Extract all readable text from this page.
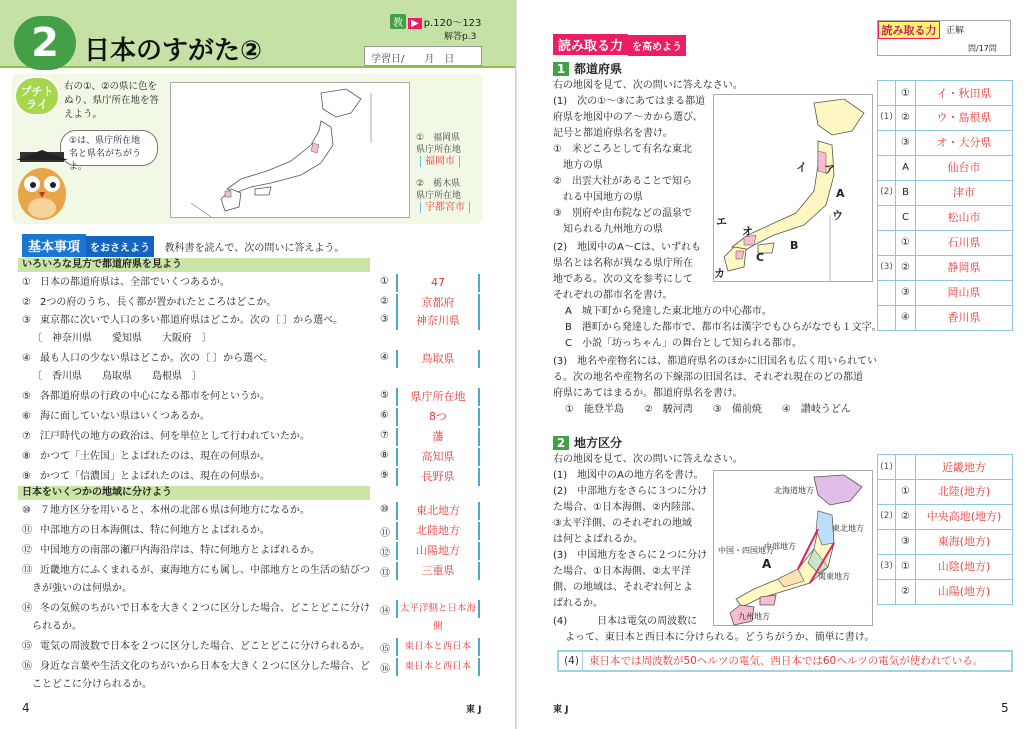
2 日本のすがた②
教 ▶ p.120〜123
解答p.3
学習日/　　月　日
プチトライ
右の①、②の県に色をぬり、県庁所在地を答えよう。
①は、県庁所在地名と県名がちがうよ。
①　福岡県
県庁所在地
福岡市
②　栃木県
県庁所在地
宇都宮市
基本事項 をおさえよう 教科書を読んで、次の問いに答えよう。
いろいろな見方で都道府県を見よう
日本をいくつかの地域に分けよう
① 日本の都道府県は、全部でいくつあるか。	①	47
② 2つの府のうち、長く都が置かれたところはどこか。	②	京都府
③ 東京都に次いで人口の多い都道府県はどこか。次の〔 〕から選べ。
〔　神奈川県　　愛知県　　大阪府　〕
③	神奈川県
④ 最も人口の少ない県はどこか。次の〔 〕から選べ。
〔　香川県　　鳥取県　　島根県　〕
④	鳥取県
⑤ 各都道府県の行政の中心になる都市を何というか。	⑤	県庁所在地
⑥ 海に面していない県はいくつあるか。	⑥	8つ
⑦ 江戸時代の地方の政治は、何を単位として行われていたか。	⑦	藩
⑧ かつて「土佐国」とよばれたのは、現在の何県か。	⑧	高知県
⑨ かつて「信濃国」とよばれたのは、現在の何県か。	⑨	長野県
⑩ ７地方区分を用いると、本州の北部６県は何地方になるか。	⑩	東北地方
⑪ 中部地方の日本海側は、特に何地方とよばれるか。	⑪	北陸地方
⑫ 中国地方の南部の瀬戸内海沿岸は、特に何地方とよばれるか。	⑫	山陽地方
⑬ 近畿地方にふくまれるが、東海地方にも属し、中部地方との生活の結びつ
きが強いのは何県か。
⑬	三重県
⑭ 冬の気候のちがいで日本を大きく２つに区分した場合、どことどこに分け
られるか。
⑭	太平洋側と日本海側
⑮ 電気の周波数で日本を２つに区分した場合、どことどこに分けられるか。 ⑮	東日本と西日本
⑯ 身近な言葉や生活文化のちがいから日本を大きく２つに区分した場合、ど
ことどこに分けられるか。
⑯	東日本と西日本
4	東 J
読み取る力 を高めよう
読み取る力	正解
問/17問
1 都道府県
右の地図を見て、次の問いに答えなさい。
(1)　次の①〜③にあてはまる都道
府県を地図中のア〜カから選び、
記号と都道府県名を書け。
①　米どころとして有名な東北
　地方の県
②　出雲大社があることで知ら
　れる中国地方の県
③　別府や由布院などの温泉で
　知られる九州地方の県
(2)　地図中のA〜Cは、いずれも
県名とは名称が異なる県庁所在
地である。次の文を参考にして
それぞれの都市名を書け。
A　城下町から発達した東北地方の中心都市。
B　港町から発達した都市で、都市名は漢字でもひらがなでも１文字。
C　小説「坊っちゃん」の舞台として知られる都市。
(3)　地名や産物名には、都道府県名のほかに旧国名も広く用いられてい
る。次の地名や産物名の下線部の旧国名は、それぞれ現在のどの都道
府県にあてはまるか。都道府県名を書け。
①　能登半島　　②　駿河湾　　③　備前焼　　④　讃岐うどん
イ ア
A
エ
オ
B
ウ
C
カ
2 地方区分
右の地図を見て、次の問いに答えなさい。
(1)　地図中のAの地方名を書け。
(2)　中部地方をさらに３つに分け
た場合、①日本海側、②内陸部、
③太平洋側、のそれぞれの地域
は何とよばれるか。
(3)　中国地方をさらに２つに分け
た場合、①日本海側、②太平洋
側、の地域は、それぞれ何とよ
ばれるか。
(4)　　　日本は電気の周波数に
よって、東日本と西日本に分けられる。どうちがうか、簡単に書け。
北海道地方
東北地方
中部地方
中国・四国地方
A
関東地方
九州地方
①	イ・秋田県
(1) ②	ウ・島根県
③	オ・大分県
A	仙台市
(2) B	津市
C	松山市
①	石川県
(3) ②	静岡県
③	岡山県
④	香川県
(1)	近畿地方
①	北陸(地方)
(2) ②	中央高地(地方)
③	東海(地方)
(3) ①	山陰(地方)
②	山陽(地方)
(4) 東日本では周波数が50ヘルツの電気、西日本では60ヘルツの電気が使われている。
東 J	5
